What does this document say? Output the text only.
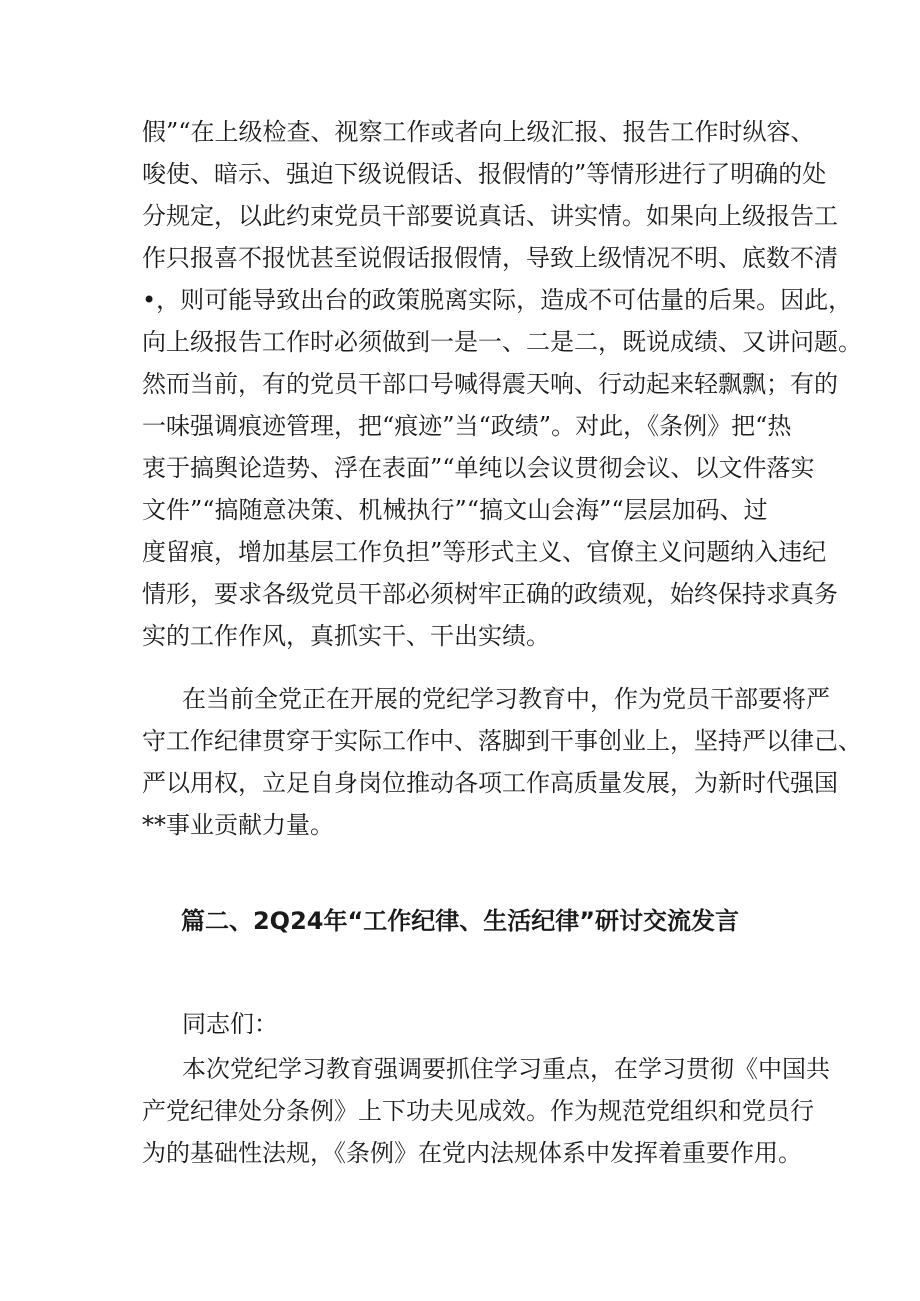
假”“在上级检查、视察工作或者向上级汇报、报告工作时纵容、
唆使、暗示、强迫下级说假话、报假情的”等情形进行了明确的处
分规定，以此约束党员干部要说真话、讲实情。如果向上级报告工
作只报喜不报忧甚至说假话报假情，导致上级情况不明、底数不清
•，则可能导致出台的政策脱离实际，造成不可估量的后果。因此，
向上级报告工作时必须做到一是一、二是二，既说成绩、又讲问题。
然而当前，有的党员干部口号喊得震天响、行动起来轻飘飘；有的
一味强调痕迹管理，把“痕迹”当“政绩”。对此，《条例》把“热
衷于搞舆论造势、浮在表面”“单纯以会议贯彻会议、以文件落实
文件”“搞随意决策、机械执行”“搞文山会海”“层层加码、过
度留痕，增加基层工作负担”等形式主义、官僚主义问题纳入违纪
情形，要求各级党员干部必须树牢正确的政绩观，始终保持求真务
实的工作作风，真抓实干、干出实绩。
在当前全党正在开展的党纪学习教育中，作为党员干部要将严
守工作纪律贯穿于实际工作中、落脚到干事创业上，坚持严以律己、
严以用权，立足自身岗位推动各项工作高质量发展，为新时代强国
**事业贡献力量。
篇二、2Q24年“工作纪律、生活纪律”研讨交流发言
同志们：
本次党纪学习教育强调要抓住学习重点，在学习贯彻《中国共
产党纪律处分条例》上下功夫见成效。作为规范党组织和党员行
为的基础性法规，《条例》在党内法规体系中发挥着重要作用。
